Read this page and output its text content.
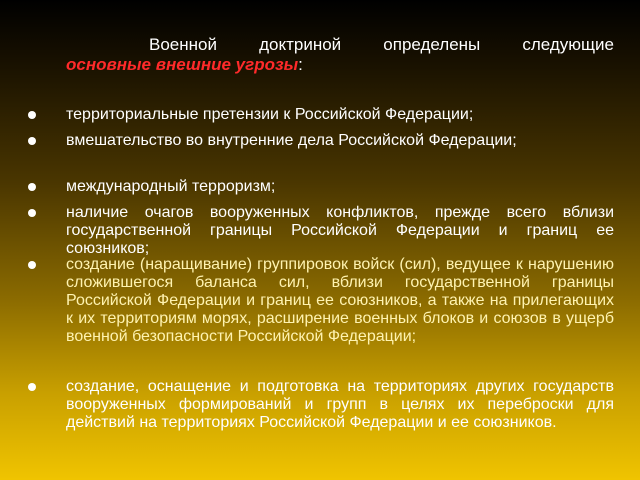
Военной доктриной определены следующие
основные внешние угрозы:
территориальные претензии к Российской Федерации;
вмешательство во внутренние дела Российской Федерации;
международный терроризм;
наличие очагов вооруженных конфликтов, прежде всего вблизи государственной границы Российской Федерации и границ ее союзников;
создание (наращивание) группировок войск (сил), ведущее к нарушению сложившегося баланса сил, вблизи государственной границы Российской Федерации и границ ее союзников, а также на прилегающих к их территориям морях, расширение военных блоков и союзов в ущерб военной безопасности Российской Федерации;
создание, оснащение и подготовка на территориях других государств вооруженных формирований и групп в целях их переброски для действий на территориях Российской Федерации и ее союзников.
